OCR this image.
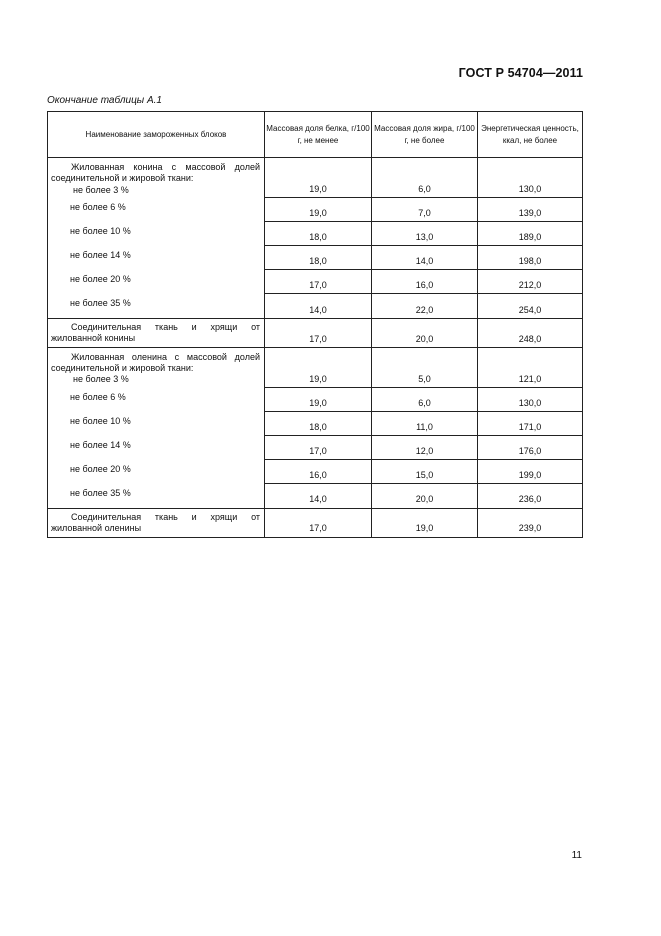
ГОСТ Р 54704—2011
Окончание таблицы А.1
Наименование замороженных блоков	Массовая доля белка, г/100 г, не менее	Массовая доля жира, г/100 г, не более	Энергетическая ценность, ккал, не более

Жилованная конина с массовой долей соединительной и жировой ткани:
не более 3 %	19,0	6,0	130,0
не более 6 %	19,0	7,0	139,0
не более 10 %	18,0	13,0	189,0
не более 14 %	18,0	14,0	198,0
не более 20 %	17,0	16,0	212,0
не более 35 %	14,0	22,0	254,0

Соединительная ткань и хрящи от жилованной конины	17,0	20,0	248,0

Жилованная оленина с массовой долей соединительной и жировой ткани:
не более 3 %	19,0	5,0	121,0
не более 6 %	19,0	6,0	130,0
не более 10 %	18,0	11,0	171,0
не более 14 %	17,0	12,0	176,0
не более 20 %	16,0	15,0	199,0
не более 35 %	14,0	20,0	236,0

Соединительная ткань и хрящи от жилованной оленины	17,0	19,0	239,0
11
